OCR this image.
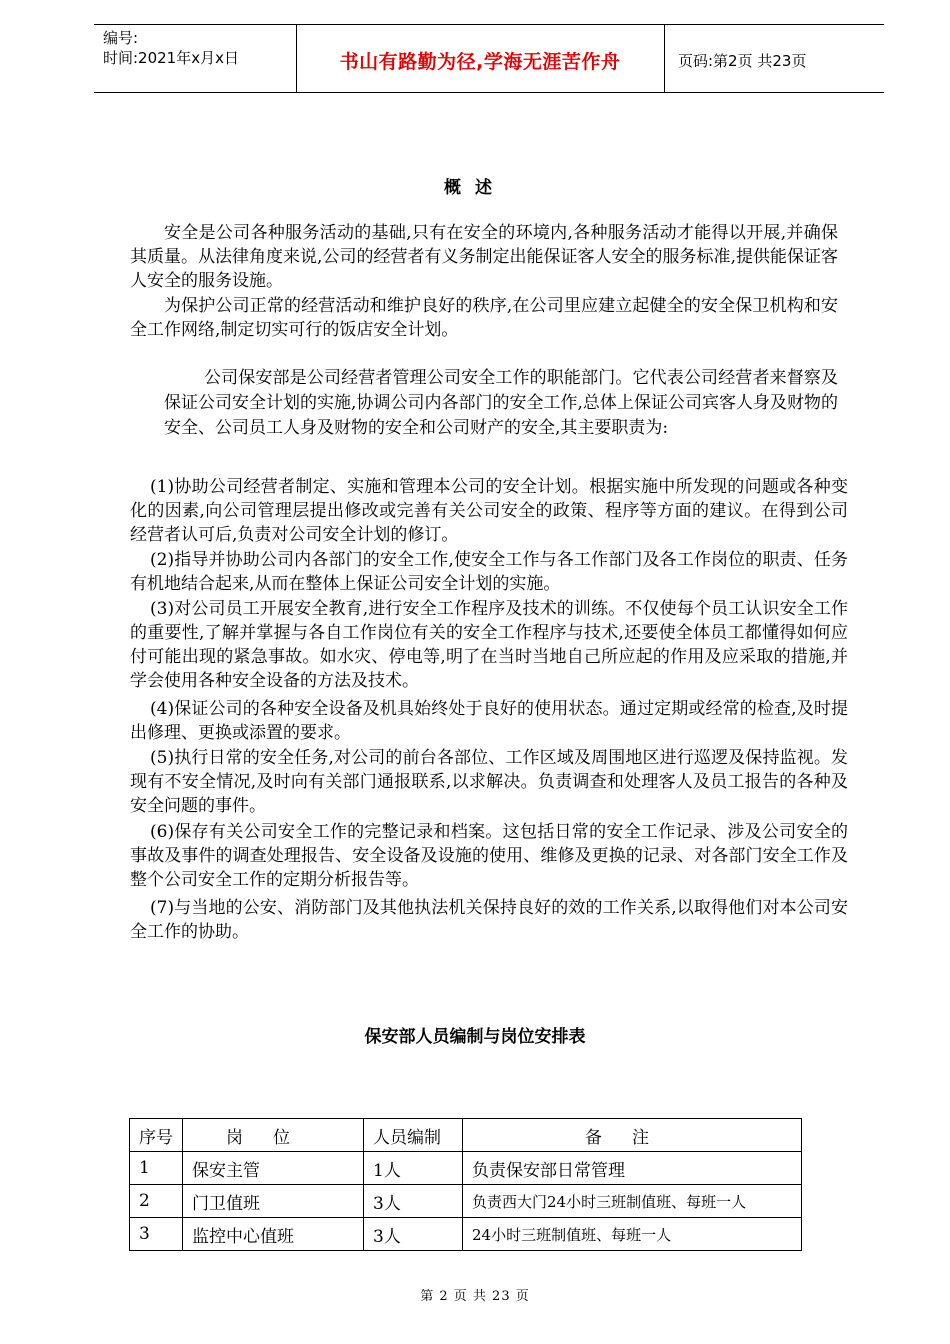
编号:
时间:2021年x月x日	书山有路勤为径,学海无涯苦作舟	页码:第2页 共23页
概述

安全是公司各种服务活动的基础,只有在安全的环境内,各种服务活动才能得以开展,并确保其质量。从法律角度来说,公司的经营者有义务制定出能保证客人安全的服务标准,提供能保证客人安全的服务设施。

为保护公司正常的经营活动和维护良好的秩序,在公司里应建立起健全的安全保卫机构和安全工作网络,制定切实可行的饭店安全计划。

公司保安部是公司经营者管理公司安全工作的职能部门。它代表公司经营者来督察及保证公司安全计划的实施,协调公司内各部门的安全工作,总体上保证公司宾客人身及财物的安全、公司员工人身及财物的安全和公司财产的安全,其主要职责为:

(1)协助公司经营者制定、实施和管理本公司的安全计划。根据实施中所发现的问题或各种变化的因素,向公司管理层提出修改或完善有关公司安全的政策、程序等方面的建议。在得到公司经营者认可后,负责对公司安全计划的修订。

(2)指导并协助公司内各部门的安全工作,使安全工作与各工作部门及各工作岗位的职责、任务有机地结合起来,从而在整体上保证公司安全计划的实施。

(3)对公司员工开展安全教育,进行安全工作程序及技术的训练。不仅使每个员工认识安全工作的重要性,了解并掌握与各自工作岗位有关的安全工作程序与技术,还要使全体员工都懂得如何应付可能出现的紧急事故。如水灾、停电等,明了在当时当地自己所应起的作用及应采取的措施,并学会使用各种安全设备的方法及技术。

(4)保证公司的各种安全设备及机具始终处于良好的使用状态。通过定期或经常的检查,及时提出修理、更换或添置的要求。

(5)执行日常的安全任务,对公司的前台各部位、工作区域及周围地区进行巡逻及保持监视。发现有不安全情况,及时向有关部门通报联系,以求解决。负责调查和处理客人及员工报告的各种及安全问题的事件。

(6)保存有关公司安全工作的完整记录和档案。这包括日常的安全工作记录、涉及公司安全的事故及事件的调查处理报告、安全设备及设施的使用、维修及更换的记录、对各部门安全工作及整个公司安全工作的定期分析报告等。

(7)与当地的公安、消防部门及其他执法机关保持良好的效的工作关系,以取得他们对本公司安全工作的协助。

保安部人员编制与岗位安排表
序号	岗位	人员编制	备注
1	保安主管	1人	负责保安部日常管理
2	门卫值班	3人	负责西大门24小时三班制值班、每班一人
3	监控中心值班	3人	24小时三班制值班、每班一人
第 2 页 共 23 页
